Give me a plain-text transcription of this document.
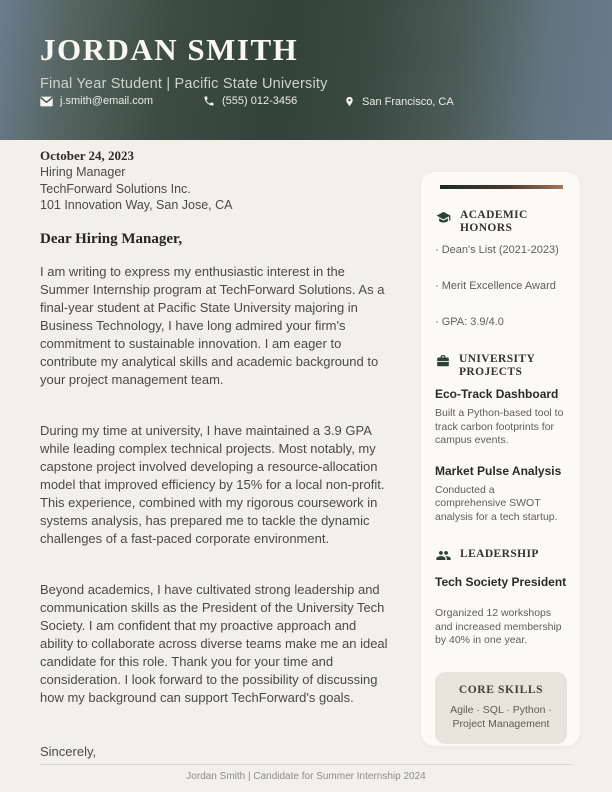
JORDAN SMITH
Final Year Student | Pacific State University
j.smith@email.com	(555) 012-3456	San Francisco, CA
October 24, 2023
Hiring Manager
TechForward Solutions Inc.
101 Innovation Way, San Jose, CA
Dear Hiring Manager,
I am writing to express my enthusiastic interest in the Summer Internship program at TechForward Solutions. As a final-year student at Pacific State University majoring in Business Technology, I have long admired your firm's commitment to sustainable innovation. I am eager to contribute my analytical skills and academic background to your project management team.
During my time at university, I have maintained a 3.9 GPA while leading complex technical projects. Most notably, my capstone project involved developing a resource-allocation model that improved efficiency by 15% for a local non-profit. This experience, combined with my rigorous coursework in systems analysis, has prepared me to tackle the dynamic challenges of a fast-paced corporate environment.
Beyond academics, I have cultivated strong leadership and communication skills as the President of the University Tech Society. I am confident that my proactive approach and ability to collaborate across diverse teams make me an ideal candidate for this role. Thank you for your time and consideration. I look forward to the possibility of discussing how my background can support TechForward's goals.
Sincerely,
ACADEMIC HONORS
· Dean's List (2021-2023)
· Merit Excellence Award
· GPA: 3.9/4.0
UNIVERSITY PROJECTS
Eco-Track Dashboard
Built a Python-based tool to track carbon footprints for campus events.
Market Pulse Analysis
Conducted a comprehensive SWOT analysis for a tech startup.
LEADERSHIP
Tech Society President
Organized 12 workshops and increased membership by 40% in one year.
CORE SKILLS
Agile · SQL · Python · Project Management
Jordan Smith | Candidate for Summer Internship 2024
